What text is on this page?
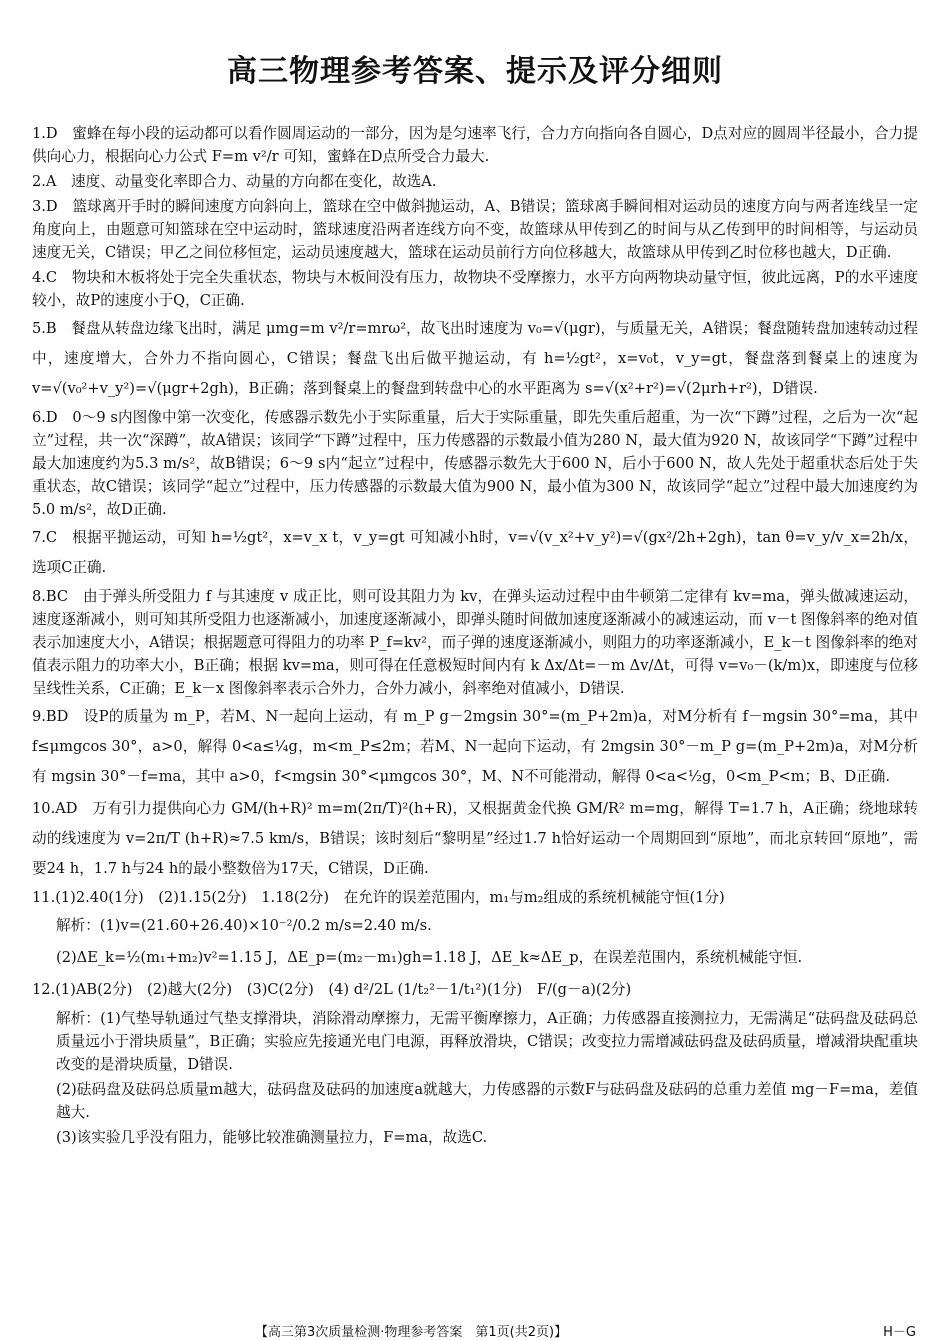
高三物理参考答案、提示及评分细则
1.D　蜜蜂在每小段的运动都可以看作圆周运动的一部分，因为是匀速率飞行，合力方向指向各自圆心，D点对应的圆周半径最小，合力提供向心力，根据向心力公式 F=m v²/r 可知，蜜蜂在D点所受合力最大.
2.A　速度、动量变化率即合力、动量的方向都在变化，故选A.
3.D　篮球离开手时的瞬间速度方向斜向上，篮球在空中做斜抛运动，A、B错误；篮球离手瞬间相对运动员的速度方向与两者连线呈一定角度向上，由题意可知篮球在空中运动时，篮球速度沿两者连线方向不变，故篮球从甲传到乙的时间与从乙传到甲的时间相等，与运动员速度无关，C错误；甲乙之间位移恒定，运动员速度越大，篮球在运动员前行方向位移越大，故篮球从甲传到乙时位移也越大，D正确.
4.C　物块和木板将处于完全失重状态，物块与木板间没有压力，故物块不受摩擦力，水平方向两物块动量守恒，彼此远离，P的水平速度较小，故P的速度小于Q，C正确.
5.B　餐盘从转盘边缘飞出时，满足 μmg=m v²/r=mrω²，故飞出时速度为 v₀=√(μgr)，与质量无关，A错误；餐盘随转盘加速转动过程中，速度增大，合外力不指向圆心，C错误；餐盘飞出后做平抛运动，有 h=½gt²，x=v₀t，v_y=gt，餐盘落到餐桌上的速度为 v=√(v₀²+v_y²)=√(μgr+2gh)，B正确；落到餐桌上的餐盘到转盘中心的水平距离为 s=√(x²+r²)=√(2μrh+r²)，D错误.
6.D　0～9 s内图像中第一次变化，传感器示数先小于实际重量，后大于实际重量，即先失重后超重，为一次“下蹲”过程，之后为一次“起立”过程，共一次“深蹲”，故A错误；该同学“下蹲”过程中，压力传感器的示数最小值为280 N，最大值为920 N，故该同学“下蹲”过程中最大加速度约为5.3 m/s²，故B错误；6～9 s内“起立”过程中，传感器示数先大于600 N，后小于600 N，故人先处于超重状态后处于失重状态，故C错误；该同学“起立”过程中，压力传感器的示数最大值为900 N，最小值为300 N，故该同学“起立”过程中最大加速度约为5.0 m/s²，故D正确.
7.C　根据平抛运动，可知 h=½gt²，x=v_x t，v_y=gt 可知减小h时，v=√(v_x²+v_y²)=√(gx²/2h+2gh)，tan θ=v_y/v_x=2h/x，选项C正确.
8.BC　由于弹头所受阻力 f 与其速度 v 成正比，则可设其阻力为 kv，在弹头运动过程中由牛顿第二定律有 kv=ma，弹头做减速运动，速度逐渐减小，则可知其所受阻力也逐渐减小，加速度逐渐减小，即弹头随时间做加速度逐渐减小的减速运动，而 v－t 图像斜率的绝对值表示加速度大小，A错误；根据题意可得阻力的功率 P_f=kv²，而子弹的速度逐渐减小，则阻力的功率逐渐减小，E_k－t 图像斜率的绝对值表示阻力的功率大小，B正确；根据 kv=ma，则可得在任意极短时间内有 k Δx/Δt=－m Δv/Δt，可得 v=v₀－(k/m)x，即速度与位移呈线性关系，C正确；E_k－x 图像斜率表示合外力，合外力减小，斜率绝对值减小，D错误.
9.BD　设P的质量为 m_P，若M、N一起向上运动，有 m_P g－2mgsin 30°=(m_P+2m)a，对M分析有 f－mgsin 30°=ma，其中 f≤μmgcos 30°，a>0，解得 0<a≤¼g，m<m_P≤2m；若M、N一起向下运动，有 2mgsin 30°－m_P g=(m_P+2m)a，对M分析有 mgsin 30°－f=ma，其中 a>0，f<mgsin 30°<μmgcos 30°，M、N不可能滑动，解得 0<a<½g，0<m_P<m；B、D正确.
10.AD　万有引力提供向心力 GM/(h+R)² m=m(2π/T)²(h+R)，又根据黄金代换 GM/R² m=mg，解得 T=1.7 h，A正确；绕地球转动的线速度为 v=2π/T (h+R)≈7.5 km/s，B错误；该时刻后“黎明星”经过1.7 h恰好运动一个周期回到“原地”，而北京转回“原地”，需要24 h，1.7 h与24 h的最小整数倍为17天，C错误，D正确.
11.(1)2.40(1分)　(2)1.15(2分)　1.18(2分)　在允许的误差范围内，m₁与m₂组成的系统机械能守恒(1分)
解析：(1)v=(21.60+26.40)×10⁻²/0.2 m/s=2.40 m/s.
(2)ΔE_k=½(m₁+m₂)v²=1.15 J，ΔE_p=(m₂－m₁)gh=1.18 J，ΔE_k≈ΔE_p，在误差范围内，系统机械能守恒.
12.(1)AB(2分)　(2)越大(2分)　(3)C(2分)　(4) d²/2L (1/t₂²－1/t₁²)(1分)　F/(g－a)(2分)
解析：(1)气垫导轨通过气垫支撑滑块，消除滑动摩擦力，无需平衡摩擦力，A正确；力传感器直接测拉力，无需满足“砝码盘及砝码总质量远小于滑块质量”，B正确；实验应先接通光电门电源，再释放滑块，C错误；改变拉力需增减砝码盘及砝码质量，增减滑块配重块改变的是滑块质量，D错误.
(2)砝码盘及砝码总质量m越大，砝码盘及砝码的加速度a就越大，力传感器的示数F与砝码盘及砝码的总重力差值 mg－F=ma，差值越大.
(3)该实验几乎没有阻力，能够比较准确测量拉力，F=ma，故选C.
【高三第3次质量检测·物理参考答案　第1页(共2页)】	H－G
